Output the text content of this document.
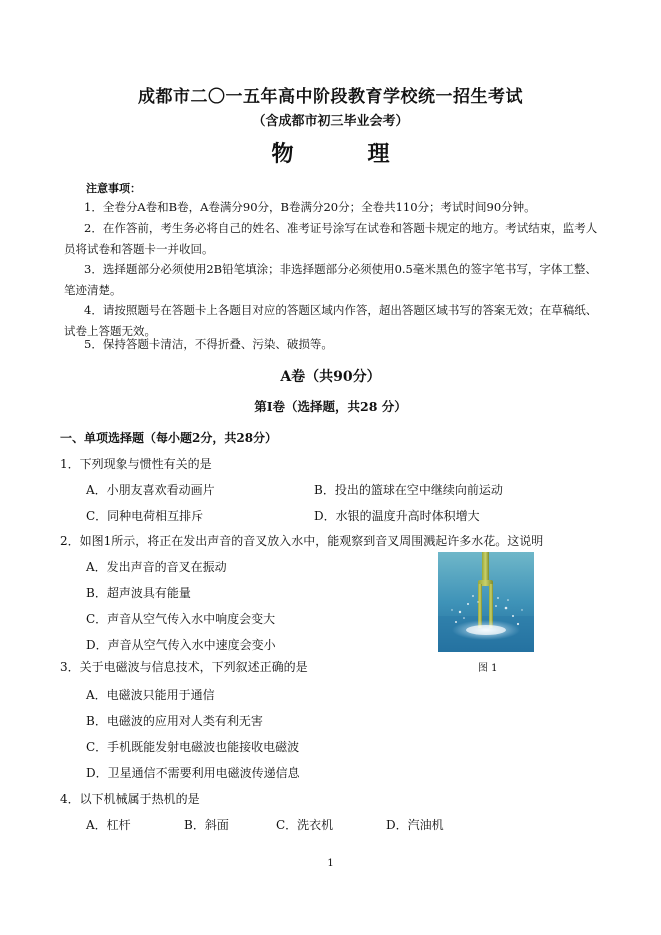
成都市二〇一五年高中阶段教育学校统一招生考试
（含成都市初三毕业会考）
物　理
注意事项：
1．全卷分A卷和B卷，A卷满分90分，B卷满分20分；全卷共110分；考试时间90分钟。
2．在作答前，考生务必将自己的姓名、准考证号涂写在试卷和答题卡规定的地方。考试结束，监考人员将试卷和答题卡一并收回。
3．选择题部分必须使用2B铅笔填涂；非选择题部分必须使用0.5毫米黑色的签字笔书写，字体工整、笔迹清楚。
4．请按照题号在答题卡上各题目对应的答题区域内作答，超出答题区域书写的答案无效；在草稿纸、试卷上答题无效。
5．保持答题卡清洁，不得折叠、污染、破损等。
A卷（共90分）
第Ⅰ卷（选择题，共28 分）
一、单项选择题（每小题2分，共28分）
1．下列现象与惯性有关的是
A．小朋友喜欢看动画片	B．投出的篮球在空中继续向前运动
C．同种电荷相互排斥	D．水银的温度升高时体积增大
2．如图1所示，将正在发出声音的音叉放入水中，能观察到音叉周围溅起许多水花。这说明
A．发出声音的音叉在振动
B．超声波具有能量
C．声音从空气传入水中响度会变大
D．声音从空气传入水中速度会变小
图 1
3．关于电磁波与信息技术，下列叙述正确的是
A．电磁波只能用于通信
B．电磁波的应用对人类有利无害
C．手机既能发射电磁波也能接收电磁波
D．卫星通信不需要利用电磁波传递信息
4．以下机械属于热机的是
A．杠杆	B．斜面	C．洗衣机	D．汽油机
1
